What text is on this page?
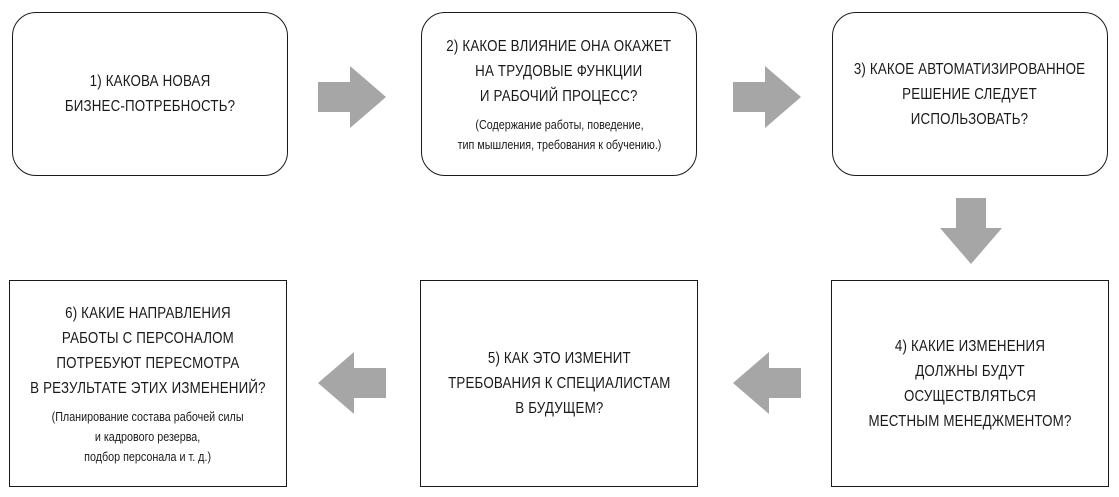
1) КАКОВА НОВАЯ
БИЗНЕС-ПОТРЕБНОСТЬ?
2) КАКОЕ ВЛИЯНИЕ ОНА ОКАЖЕТ
НА ТРУДОВЫЕ ФУНКЦИИ
И РАБОЧИЙ ПРОЦЕСС?
(Содержание работы, поведение,
тип мышления, требования к обучению.)
3) КАКОЕ АВТОМАТИЗИРОВАННОЕ
РЕШЕНИЕ СЛЕДУЕТ
ИСПОЛЬЗОВАТЬ?
6) КАКИЕ НАПРАВЛЕНИЯ
РАБОТЫ С ПЕРСОНАЛОМ
ПОТРЕБУЮТ ПЕРЕСМОТРА
В РЕЗУЛЬТАТЕ ЭТИХ ИЗМЕНЕНИЙ?
(Планирование состава рабочей силы
и кадрового резерва,
подбор персонала и т. д.)
5) КАК ЭТО ИЗМЕНИТ
ТРЕБОВАНИЯ К СПЕЦИАЛИСТАМ
В БУДУЩЕМ?
4) КАКИЕ ИЗМЕНЕНИЯ
ДОЛЖНЫ БУДУТ ОСУЩЕСТВЛЯТЬСЯ
МЕСТНЫМ МЕНЕДЖМЕНТОМ?
